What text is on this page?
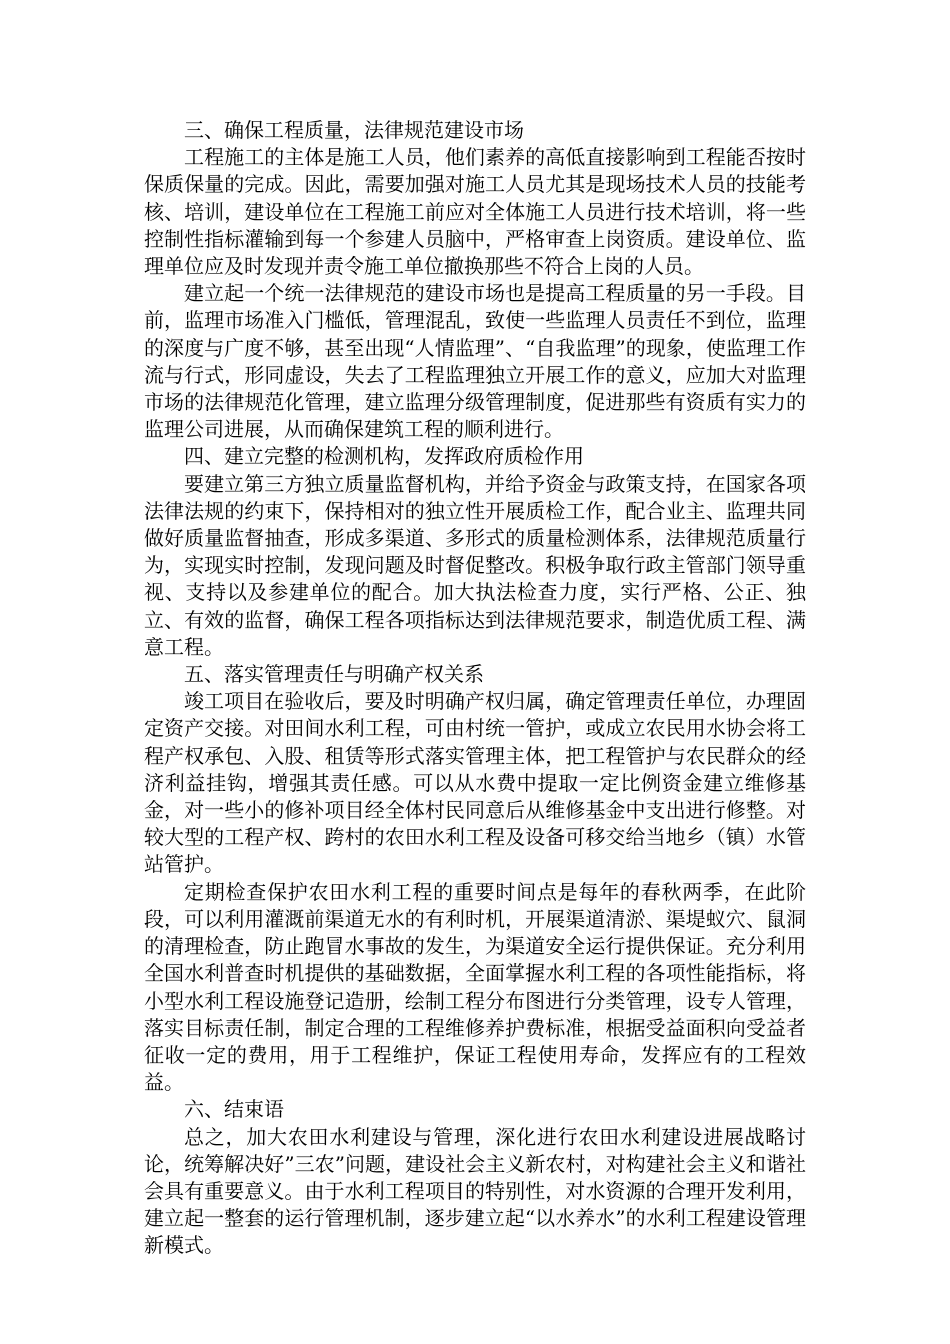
三、确保工程质量，法律规范建设市场

工程施工的主体是施工人员，他们素养的高低直接影响到工程能否按时保质保量的完成。因此，需要加强对施工人员尤其是现场技术人员的技能考核、培训，建设单位在工程施工前应对全体施工人员进行技术培训，将一些控制性指标灌输到每一个参建人员脑中，严格审查上岗资质。建设单位、监理单位应及时发现并责令施工单位撤换那些不符合上岗的人员。

建立起一个统一法律规范的建设市场也是提高工程质量的另一手段。目前，监理市场准入门槛低，管理混乱，致使一些监理人员责任不到位，监理的深度与广度不够，甚至出现“人情监理”、“自我监理”的现象，使监理工作流与行式，形同虚设，失去了工程监理独立开展工作的意义，应加大对监理市场的法律规范化管理，建立监理分级管理制度，促进那些有资质有实力的监理公司进展，从而确保建筑工程的顺利进行。

四、建立完整的检测机构，发挥政府质检作用

要建立第三方独立质量监督机构，并给予资金与政策支持，在国家各项法律法规的约束下，保持相对的独立性开展质检工作，配合业主、监理共同做好质量监督抽查，形成多渠道、多形式的质量检测体系，法律规范质量行为，实现实时控制，发现问题及时督促整改。积极争取行政主管部门领导重视、支持以及参建单位的配合。加大执法检查力度，实行严格、公正、独立、有效的监督，确保工程各项指标达到法律规范要求，制造优质工程、满意工程。

五、落实管理责任与明确产权关系

竣工项目在验收后，要及时明确产权归属，确定管理责任单位，办理固定资产交接。对田间水利工程，可由村统一管护，或成立农民用水协会将工程产权承包、入股、租赁等形式落实管理主体，把工程管护与农民群众的经济利益挂钩，增强其责任感。可以从水费中提取一定比例资金建立维修基金，对一些小的修补项目经全体村民同意后从维修基金中支出进行修整。对较大型的工程产权、跨村的农田水利工程及设备可移交给当地乡（镇）水管站管护。

定期检查保护农田水利工程的重要时间点是每年的春秋两季，在此阶段，可以利用灌溉前渠道无水的有利时机，开展渠道清淤、渠堤蚁穴、鼠洞的清理检查，防止跑冒水事故的发生，为渠道安全运行提供保证。充分利用全国水利普查时机提供的基础数据，全面掌握水利工程的各项性能指标，将小型水利工程设施登记造册，绘制工程分布图进行分类管理，设专人管理，落实目标责任制，制定合理的工程维修养护费标准，根据受益面积向受益者征收一定的费用，用于工程维护，保证工程使用寿命，发挥应有的工程效益。

六、结束语

总之，加大农田水利建设与管理，深化进行农田水利建设进展战略讨论，统筹解决好”三农”问题，建设社会主义新农村，对构建社会主义和谐社会具有重要意义。由于水利工程项目的特别性，对水资源的合理开发利用，建立起一整套的运行管理机制，逐步建立起“以水养水”的水利工程建设管理新模式。
